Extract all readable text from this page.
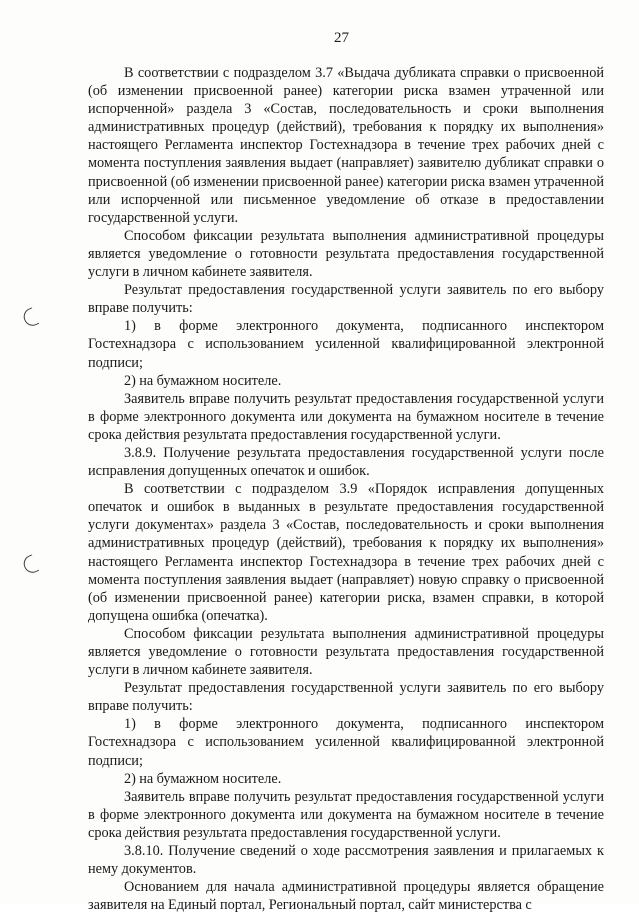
27

В соответствии с подразделом 3.7 «Выдача дубликата справки о присвоенной (об изменении присвоенной ранее) категории риска взамен утраченной или испорченной» раздела 3 «Состав, последовательность и сроки выполнения административных процедур (действий), требования к порядку их выполнения» настоящего Регламента инспектор Гостехнадзора в течение трех рабочих дней с момента поступления заявления выдает (направляет) заявителю дубликат справки о присвоенной (об изменении присвоенной ранее) категории риска взамен утраченной или испорченной или письменное уведомление об отказе в предоставлении государственной услуги.

Способом фиксации результата выполнения административной процедуры является уведомление о готовности результата предоставления государственной услуги в личном кабинете заявителя.

Результат предоставления государственной услуги заявитель по его выбору вправе получить:

1) в форме электронного документа, подписанного инспектором Гостехнадзора с использованием усиленной квалифицированной электронной подписи;

2) на бумажном носителе.

Заявитель вправе получить результат предоставления государственной услуги в форме электронного документа или документа на бумажном носителе в течение срока действия результата предоставления государственной услуги.

3.8.9. Получение результата предоставления государственной услуги после исправления допущенных опечаток и ошибок.

В соответствии с подразделом 3.9 «Порядок исправления допущенных опечаток и ошибок в выданных в результате предоставления государственной услуги документах» раздела 3 «Состав, последовательность и сроки выполнения административных процедур (действий), требования к порядку их выполнения» настоящего Регламента инспектор Гостехнадзора в течение трех рабочих дней с момента поступления заявления выдает (направляет) новую справку о присвоенной (об изменении присвоенной ранее) категории риска, взамен справки, в которой допущена ошибка (опечатка).

Способом фиксации результата выполнения административной процедуры является уведомление о готовности результата предоставления государственной услуги в личном кабинете заявителя.

Результат предоставления государственной услуги заявитель по его выбору вправе получить:

1) в форме электронного документа, подписанного инспектором Гостехнадзора с использованием усиленной квалифицированной электронной подписи;

2) на бумажном носителе.

Заявитель вправе получить результат предоставления государственной услуги в форме электронного документа или документа на бумажном носителе в течение срока действия результата предоставления государственной услуги.

3.8.10. Получение сведений о ходе рассмотрения заявления и прилагаемых к нему документов.

Основанием для начала административной процедуры является обращение заявителя на Единый портал, Региональный портал, сайт министерства с
